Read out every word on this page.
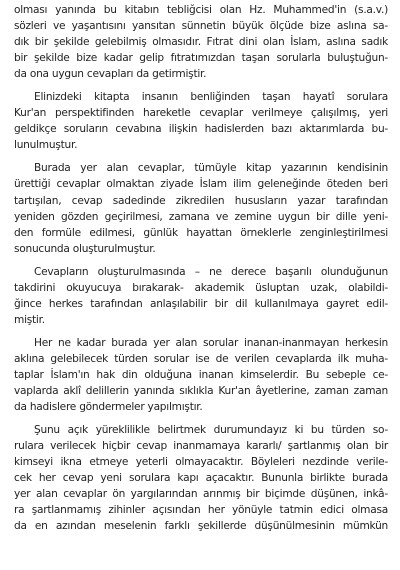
olması yanında bu kitabın tebliğcisi olan Hz. Muhammed'in (s.a.v.)
sözleri ve yaşantısını yansıtan sünnetin büyük ölçüde bize aslına sa-
dık bir şekilde gelebilmiş olmasıdır. Fıtrat dini olan İslam, aslına sadık
bir şekilde bize kadar gelip fıtratımızdan taşan sorularla buluştuğun-
da ona uygun cevapları da getirmiştir.
Elinizdeki kitapta insanın benliğinden taşan hayatî sorulara
Kur'an perspektifinden hareketle cevaplar verilmeye çalışılmış, yeri
geldikçe soruların cevabına ilişkin hadislerden bazı aktarımlarda bu-
lunulmuştur.
Burada yer alan cevaplar, tümüyle kitap yazarının kendisinin
ürettiği cevaplar olmaktan ziyade İslam ilim geleneğinde öteden beri
tartışılan, cevap sadedinde zikredilen hususların yazar tarafından
yeniden gözden geçirilmesi, zamana ve zemine uygun bir dille yeni-
den formüle edilmesi, günlük hayattan örneklerle zenginleştirilmesi
sonucunda oluşturulmuştur.
Cevapların oluşturulmasında – ne derece başarılı olunduğunun
takdirini okuyucuya bırakarak- akademik üsluptan uzak, olabildi-
ğince herkes tarafından anlaşılabilir bir dil kullanılmaya gayret edil-
miştir.
Her ne kadar burada yer alan sorular inanan-inanmayan herkesin
aklına gelebilecek türden sorular ise de verilen cevaplarda ilk muha-
taplar İslam'ın hak din olduğuna inanan kimselerdir. Bu sebeple ce-
vaplarda aklî delillerin yanında sıklıkla Kur'an âyetlerine, zaman zaman
da hadislere göndermeler yapılmıştır.
Şunu açık yüreklilikle belirtmek durumundayız ki bu türden so-
rulara verilecek hiçbir cevap inanmamaya kararlı/ şartlanmış olan bir
kimseyi ikna etmeye yeterli olmayacaktır. Böyleleri nezdinde verile-
cek her cevap yeni sorulara kapı açacaktır. Bununla birlikte burada
yer alan cevaplar ön yargılarından arınmış bir biçimde düşünen, inkâ-
ra şartlanmamış zihinler açısından her yönüyle tatmin edici olmasa
da en azından meselenin farklı şekillerde düşünülmesinin mümkün
